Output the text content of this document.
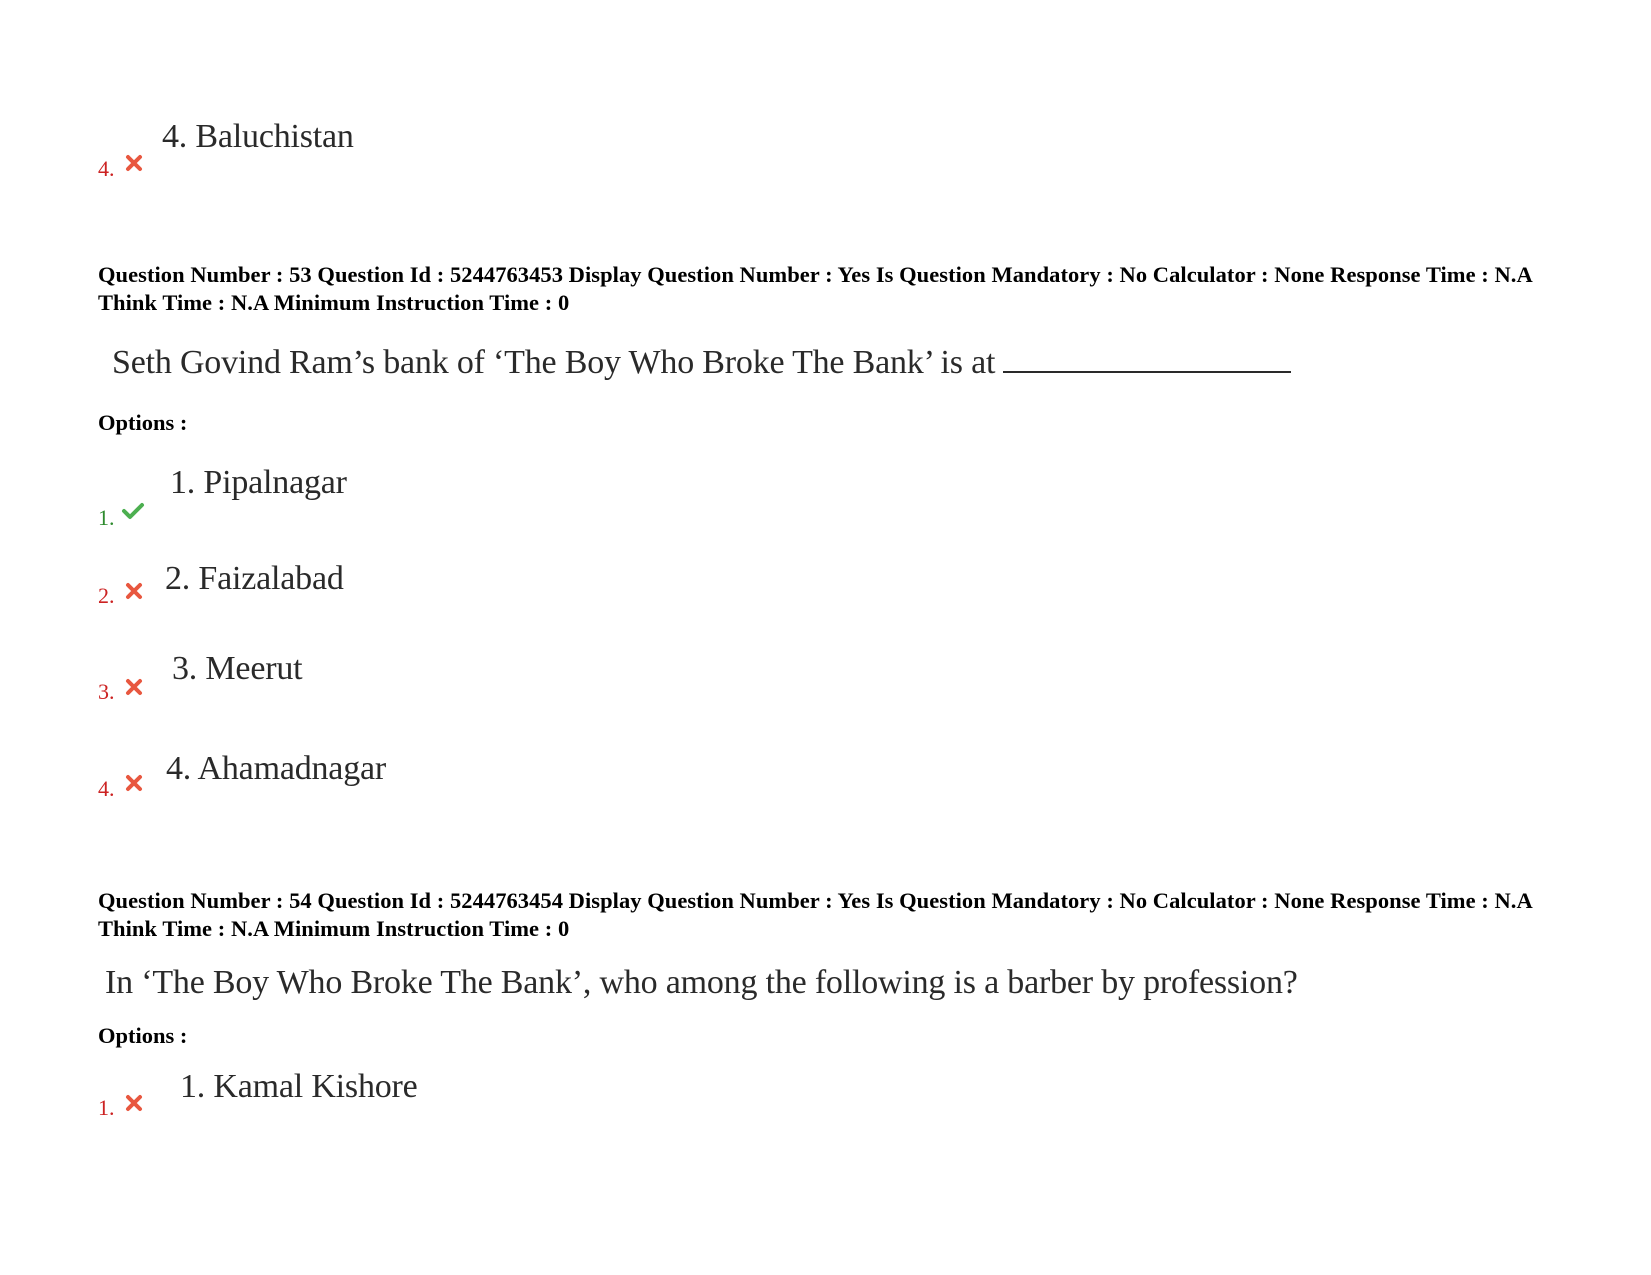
4. Baluchistan
4.
Question Number : 53 Question Id : 5244763453 Display Question Number : Yes Is Question Mandatory : No Calculator : None Response Time : N.A Think Time : N.A Minimum Instruction Time : 0
Seth Govind Ram’s bank of ‘The Boy Who Broke The Bank’ is at
Options :
1. Pipalnagar
1.
2. Faizalabad
2.
3. Meerut
3.
4. Ahamadnagar
4.
Question Number : 54 Question Id : 5244763454 Display Question Number : Yes Is Question Mandatory : No Calculator : None Response Time : N.A Think Time : N.A Minimum Instruction Time : 0
In ‘The Boy Who Broke The Bank’, who among the following is a barber by profession?
Options :
1. Kamal Kishore
1.
